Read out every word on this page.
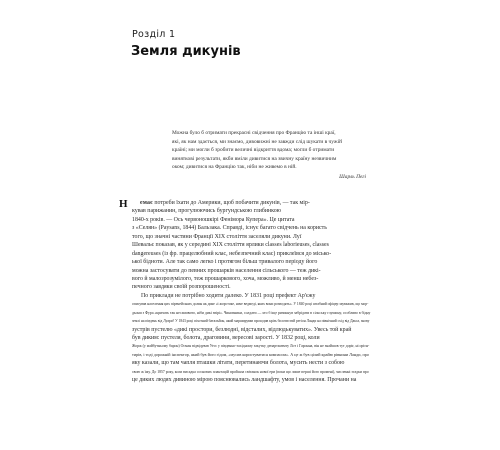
Розділ 1
Земля дикунів

Можна було б отримати прекрасні свідчення про Францію та інші краї,

які, як нам здається, ми знаємо, дивовижні не завжди слід шукати в чужій

країні; ми могли б зробити величні відкриття вдома; могли б отримати

винятковi результати, якби вміли дивитися на звичну країну незвичним

оком; дивитися на Францію так, ніби не живемо в ній.

Шарль Пегі
Н	емає потреби їхати до Америки, щоб побачити дикунів, — так мір-
кував парижанин, прогулюючись бургундською глибинкою
1840-х років. — Ось червоношкірі Фенімора Купера». Це цитата
з «Селян» (Paysans, 1844) Бальзака. Справді, існує багато свідчень на користь
того, що значні частини Франції XIX століття заселяли дикуни. Луї
Шевальє показав, як у середині XIX століття ярлики classes laborieuses, classes
dangereuses (із фр. працелюбний клас, небезпечний клас) приклеївся до місько-
ької бідноти. Але так само легко і протягом більш тривалого періоду його
можна застосувати до певних прошарків населення сільського — теж дикі-
вого й малозрозумілого, теж прошаркового, хоча, можливо, й менш небез-
печного завдяки своїй розпорошеності.
По приклади не потрібно ходити далеко. У 1831 році префект Ар'єжу
описував населення цих піренейських долин як дике «і жорстоке, наче ведмеді, яких вони розводять». У 1840 році штабний офіцер зауважив, що мор-
дьони з Фура «кричать так несамовито, ніби дикі звірі». Чиновники, солдати — хто б іще ризикнув забрідати в сільську глушину, особливо в бідну
землі на південь від Луари? У 1843 році піхотний батальйон, який марширував проходив крізь болотистий регіон Ланди на північний схід від Дакса, знову
зустрів пустелю «дикі простори, безлюдні, відсталих, відлюдькуватих». Увесь той край
був диким: пустеля, болота, драговини, вересові зарості. У 1832 році, коли
Жорж (у майбутньому барон) Осман відвідував Уесс у південно-західному закутку департаменту Лот і Гаронна, він не знайшов тут доріг, ні орієн-
тирів, і тоді дорожній інспектор, який був його гідом, «мусив користуватися компасом». А це ж був цілий крайю рівнини Ланди, про
яку казали, що там чапля пташки літати, перетинаючи болота, мусить нести з собою
свою ж їжу. До 1857 року, коли висадка соснових плантацій пройшла світанок нової ери (поки що лише перші його промені), численні згадки про
це диких людях дивиною мірою пояснювались ландшафту, умов і населення. Прочани на
